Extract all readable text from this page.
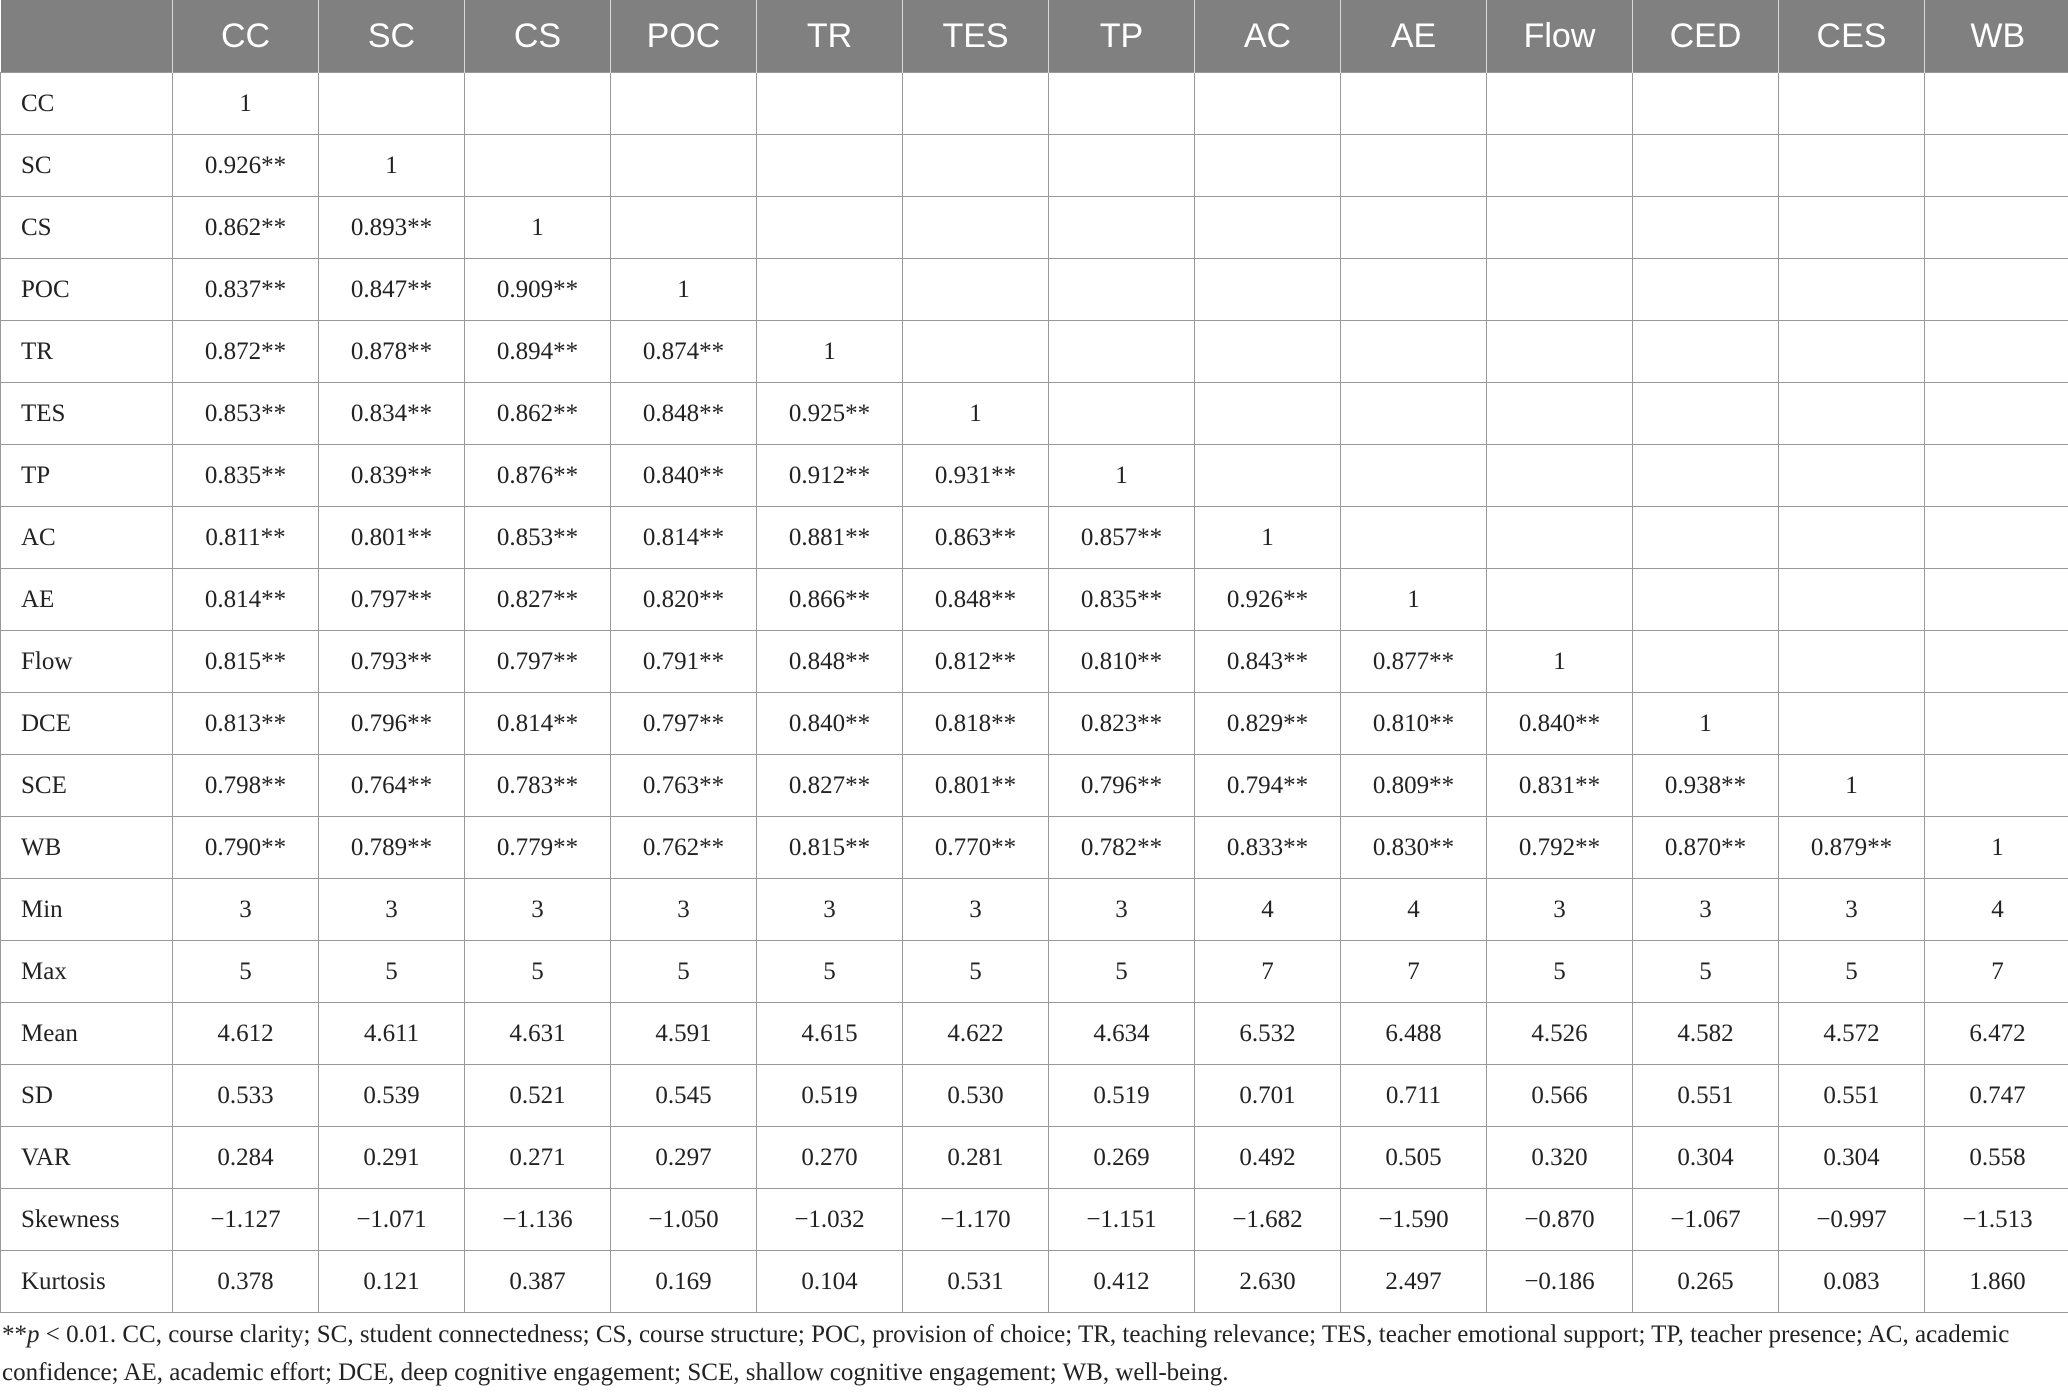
	CC	SC	CS	POC	TR	TES	TP	AC	AE	Flow	CED	CES	WB
CC	1												
SC	0.926**	1											
CS	0.862**	0.893**	1										
POC	0.837**	0.847**	0.909**	1									
TR	0.872**	0.878**	0.894**	0.874**	1								
TES	0.853**	0.834**	0.862**	0.848**	0.925**	1							
TP	0.835**	0.839**	0.876**	0.840**	0.912**	0.931**	1						
AC	0.811**	0.801**	0.853**	0.814**	0.881**	0.863**	0.857**	1					
AE	0.814**	0.797**	0.827**	0.820**	0.866**	0.848**	0.835**	0.926**	1				
Flow	0.815**	0.793**	0.797**	0.791**	0.848**	0.812**	0.810**	0.843**	0.877**	1			
DCE	0.813**	0.796**	0.814**	0.797**	0.840**	0.818**	0.823**	0.829**	0.810**	0.840**	1		
SCE	0.798**	0.764**	0.783**	0.763**	0.827**	0.801**	0.796**	0.794**	0.809**	0.831**	0.938**	1	
WB	0.790**	0.789**	0.779**	0.762**	0.815**	0.770**	0.782**	0.833**	0.830**	0.792**	0.870**	0.879**	1
Min	3	3	3	3	3	3	3	4	4	3	3	3	4
Max	5	5	5	5	5	5	5	7	7	5	5	5	7
Mean	4.612	4.611	4.631	4.591	4.615	4.622	4.634	6.532	6.488	4.526	4.582	4.572	6.472
SD	0.533	0.539	0.521	0.545	0.519	0.530	0.519	0.701	0.711	0.566	0.551	0.551	0.747
VAR	0.284	0.291	0.271	0.297	0.270	0.281	0.269	0.492	0.505	0.320	0.304	0.304	0.558
Skewness	−1.127	−1.071	−1.136	−1.050	−1.032	−1.170	−1.151	−1.682	−1.590	−0.870	−1.067	−0.997	−1.513
Kurtosis	0.378	0.121	0.387	0.169	0.104	0.531	0.412	2.630	2.497	−0.186	0.265	0.083	1.860

**p < 0.01. CC, course clarity; SC, student connectedness; CS, course structure; POC, provision of choice; TR, teaching relevance; TES, teacher emotional support; TP, teacher presence; AC, academic confidence; AE, academic effort; DCE, deep cognitive engagement; SCE, shallow cognitive engagement; WB, well-being.
